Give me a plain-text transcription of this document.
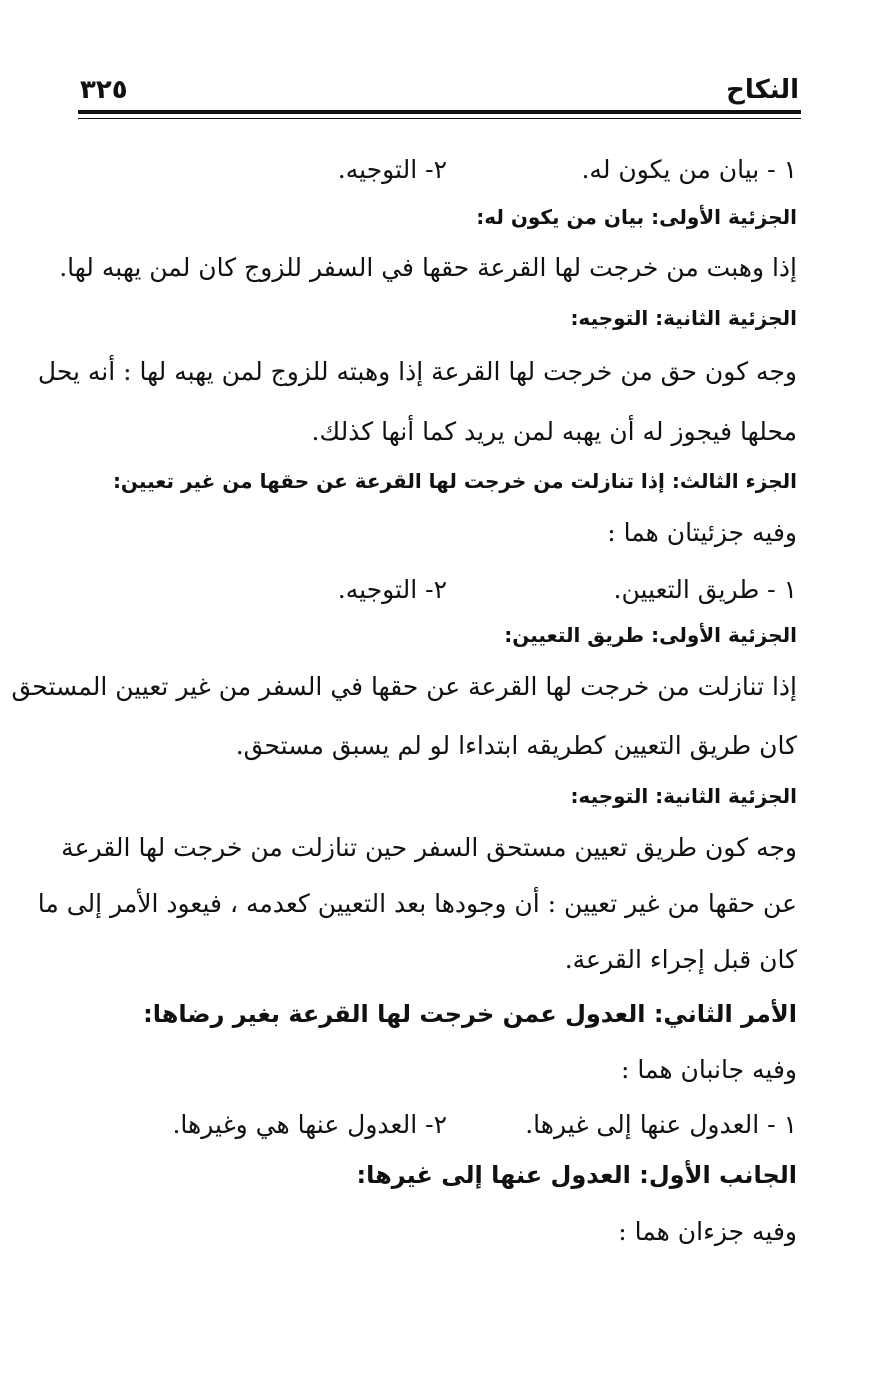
النكاح
٣٢٥
١ - بيان من يكون له.
٢- التوجيه.
الجزئية الأولى: بيان من يكون له:
إذا وهبت من خرجت لها القرعة حقها في السفر للزوج كان لمن يهبه لها.
الجزئية الثانية: التوجيه:
وجه كون حق من خرجت لها القرعة إذا وهبته للزوج لمن يهبه لها : أنه يحل
محلها فيجوز له أن يهبه لمن يريد كما أنها كذلك.
الجزء الثالث: إذا تنازلت من خرجت لها القرعة عن حقها من غير تعيين:
وفيه جزئيتان هما :
١ - طريق التعيين.
٢- التوجيه.
الجزئية الأولى: طريق التعيين:
إذا تنازلت من خرجت لها القرعة عن حقها في السفر من غير تعيين المستحق
كان طريق التعيين كطريقه ابتداءا لو لم يسبق مستحق.
الجزئية الثانية: التوجيه:
وجه كون طريق تعيين مستحق السفر حين تنازلت من خرجت لها القرعة
عن حقها من غير تعيين : أن وجودها بعد التعيين كعدمه ، فيعود الأمر إلى ما
كان قبل إجراء القرعة.
الأمر الثاني: العدول عمن خرجت لها القرعة بغير رضاها:
وفيه جانبان هما :
١ - العدول عنها إلى غيرها.
٢- العدول عنها هي وغيرها.
الجانب الأول: العدول عنها إلى غيرها:
وفيه جزءان هما :
